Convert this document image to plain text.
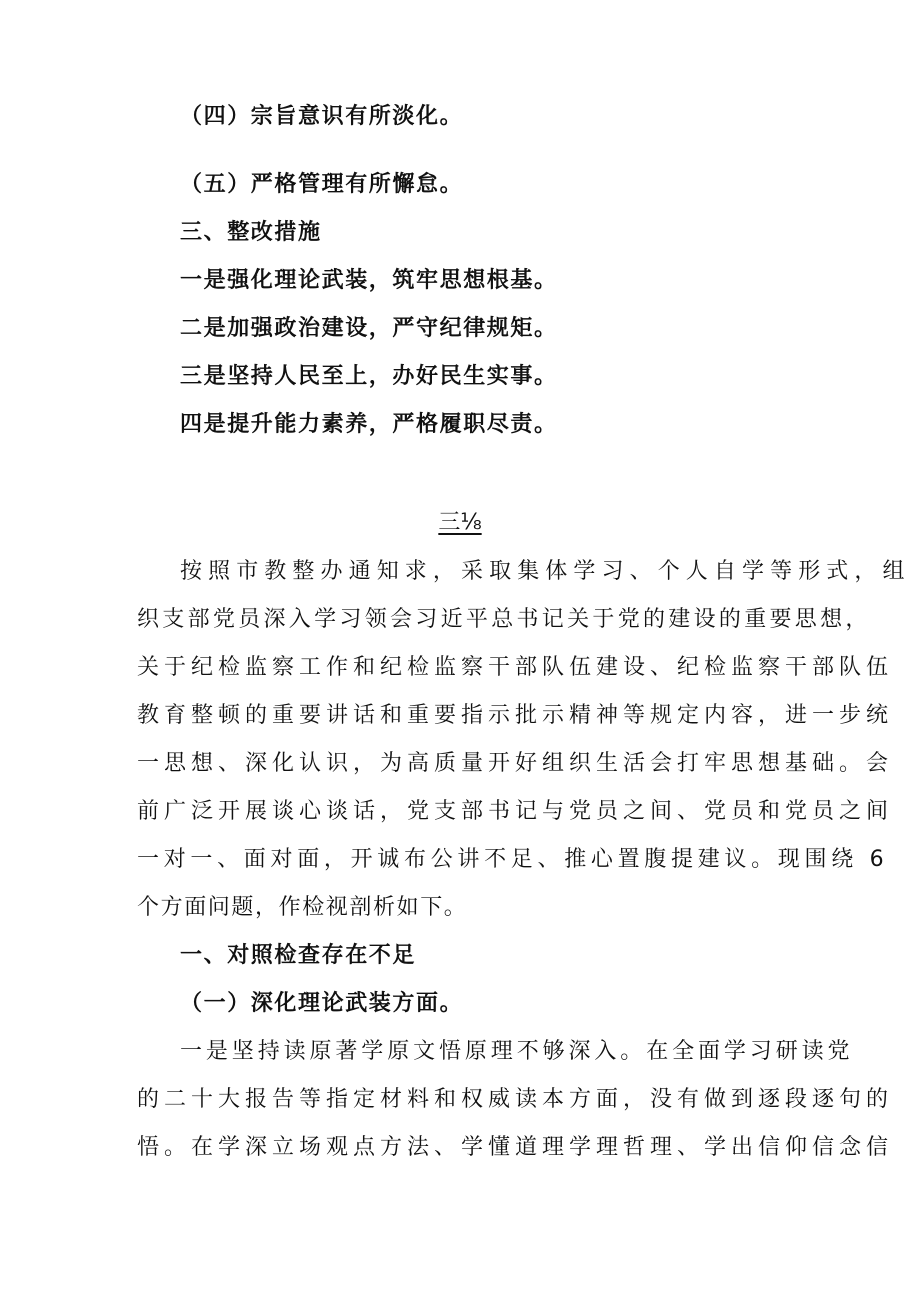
（四）宗旨意识有所淡化。
（五）严格管理有所懈怠。
三、整改措施
一是强化理论武装，筑牢思想根基。
二是加强政治建设，严守纪律规矩。
三是坚持人民至上，办好民生实事。
四是提升能力素养，严格履职尽责。
三⅛
按照市教整办通知求，采取集体学习、个人自学等形式，组
织支部党员深入学习领会习近平总书记关于党的建设的重要思想，
关于纪检监察工作和纪检监察干部队伍建设、纪检监察干部队伍
教育整顿的重要讲话和重要指示批示精神等规定内容，进一步统
一思想、深化认识，为高质量开好组织生活会打牢思想基础。会
前广泛开展谈心谈话，党支部书记与党员之间、党员和党员之间
一对一、面对面，开诚布公讲不足、推心置腹提建议。现围绕 6
个方面问题，作检视剖析如下。
一、对照检查存在不足
（一）深化理论武装方面。
一是坚持读原著学原文悟原理不够深入。在全面学习研读党
的二十大报告等指定材料和权威读本方面，没有做到逐段逐句的
悟。在学深立场观点方法、学懂道理学理哲理、学出信仰信念信
